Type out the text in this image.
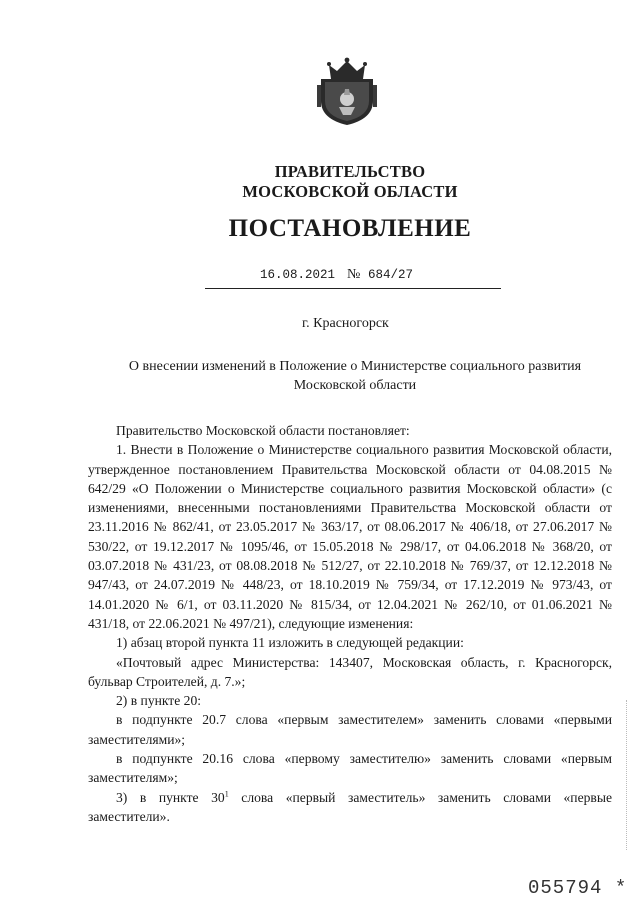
ПРАВИТЕЛЬСТВО
МОСКОВСКОЙ ОБЛАСТИ
ПОСТАНОВЛЕНИЕ
16.08.2021 № 684/27
г. Красногорск
О внесении изменений в Положение о Министерстве социального развития
Московской области

Правительство Московской области постановляет:

1. Внести в Положение о Министерстве социального развития Московской области, утвержденное постановлением Правительства Московской области от 04.08.2015 № 642/29 «О Положении о Министерстве социального развития Московской области» (с изменениями, внесенными постановлениями Правительства Московской области от 23.11.2016 № 862/41, от 23.05.2017 № 363/17, от 08.06.2017 № 406/18, от 27.06.2017 № 530/22, от 19.12.2017 № 1095/46, от 15.05.2018 № 298/17, от 04.06.2018 № 368/20, от 03.07.2018 № 431/23, от 08.08.2018 № 512/27, от 22.10.2018 № 769/37, от 12.12.2018 № 947/43, от 24.07.2019 № 448/23, от 18.10.2019 № 759/34, от 17.12.2019 № 973/43, от 14.01.2020 № 6/1, от 03.11.2020 № 815/34, от 12.04.2021 № 262/10, от 01.06.2021 № 431/18, от 22.06.2021 № 497/21), следующие изменения:

1) абзац второй пункта 11 изложить в следующей редакции:

«Почтовый адрес Министерства: 143407, Московская область, г. Красногорск, бульвар Строителей, д. 7.»;

2) в пункте 20:

в подпункте 20.7 слова «первым заместителем» заменить словами «первыми заместителями»;

в подпункте 20.16 слова «первому заместителю» заменить словами «первым заместителям»;

3) в пункте $30^1$ слова «первый заместитель» заменить словами «первые заместители».

055794 *
